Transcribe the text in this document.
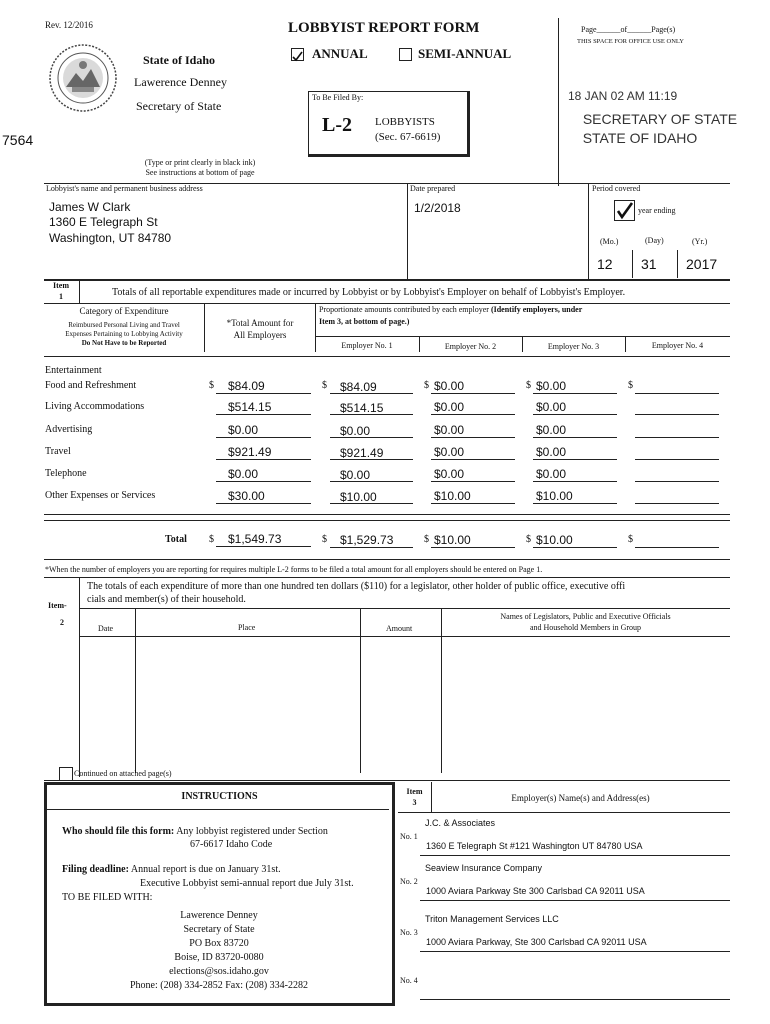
Rev. 12/2016	LOBBYIST REPORT FORM
ANNUAL	SEMI-ANNUAL
Page______of______Page(s)
THIS SPACE FOR OFFICE USE ONLY
State of Idaho
Lawerence Denney
Secretary of State
7564
To Be Filed By:
L-2 LOBBYISTS
(Sec. 67-6619)
18 JAN 02 AM 11:19
SECRETARY OF STATE
STATE OF IDAHO
(Type or print clearly in black ink)
See instructions at bottom of page
Lobbyist's name and permanent business address	Date prepared	Period covered
James W Clark
1360 E Telegraph St
Washington, UT 84780
1/2/2018	year ending
(Mo.)	(Day)	(Yr.)
12 31 2017
Item
1	Totals of all reportable expenditures made or incurred by Lobbyist or by Lobbyist's Employer on behalf of Lobbyist's Employer.
Category of Expenditure
Reimbursed Personal Living and Travel
Expenses Pertaining to Lobbying Activity
Do Not Have to be Reported
*Total Amount for
All Employers
Proportionate amounts contributed by each employer (Identify employers, under
Item 3, at bottom of page.)
Employer No. 1	Employer No. 2	Employer No. 3	Employer No. 4
Entertainment
Food and Refreshment	$ $84.09	$ $84.09	$ $0.00	$ $0.00	$
Living Accommodations	$514.15	$514.15	$0.00	$0.00
Advertising	$0.00	$0.00	$0.00	$0.00
Travel	$921.49	$921.49	$0.00	$0.00
Telephone	$0.00	$0.00	$0.00	$0.00
Other Expenses or Services	$30.00	$10.00	$10.00	$10.00
Total $ $1,549.73	$ $1,529.73	$ $10.00	$ $10.00	$
*When the number of employers you are reporting for requires multiple L-2 forms to be filed a total amount for all employers should be entered on Page 1.
Item-
2
The totals of each expenditure of more than one hundred ten dollars ($110) for a legislator, other holder of public office, executive offi
cials and member(s) of their household.
Date	Place	Amount
Names of Legislators, Public and Executive Officials
and Household Members in Group
Continued on attached page(s)
INSTRUCTIONS
Who should file this form: Any lobbyist registered under Section
67-6617 Idaho Code
Filing deadline: Annual report is due on January 31st.
Executive Lobbyist semi-annual report due July 31st.
TO BE FILED WITH:
Lawerence Denney
Secretary of State
PO Box 83720
Boise, ID 83720-0080
elections@sos.idaho.gov
Phone: (208) 334-2852 Fax: (208) 334-2282
Item
3	Employer(s) Name(s) and Address(es)
No. 1
J.C. & Associates
1360 E Telegraph St #121 Washington UT 84780 USA
No. 2
Seaview Insurance Company
1000 Aviara Parkway Ste 300 Carlsbad CA 92011 USA
No. 3
Triton Management Services LLC
1000 Aviara Parkway, Ste 300 Carlsbad CA 92011 USA
No. 4
